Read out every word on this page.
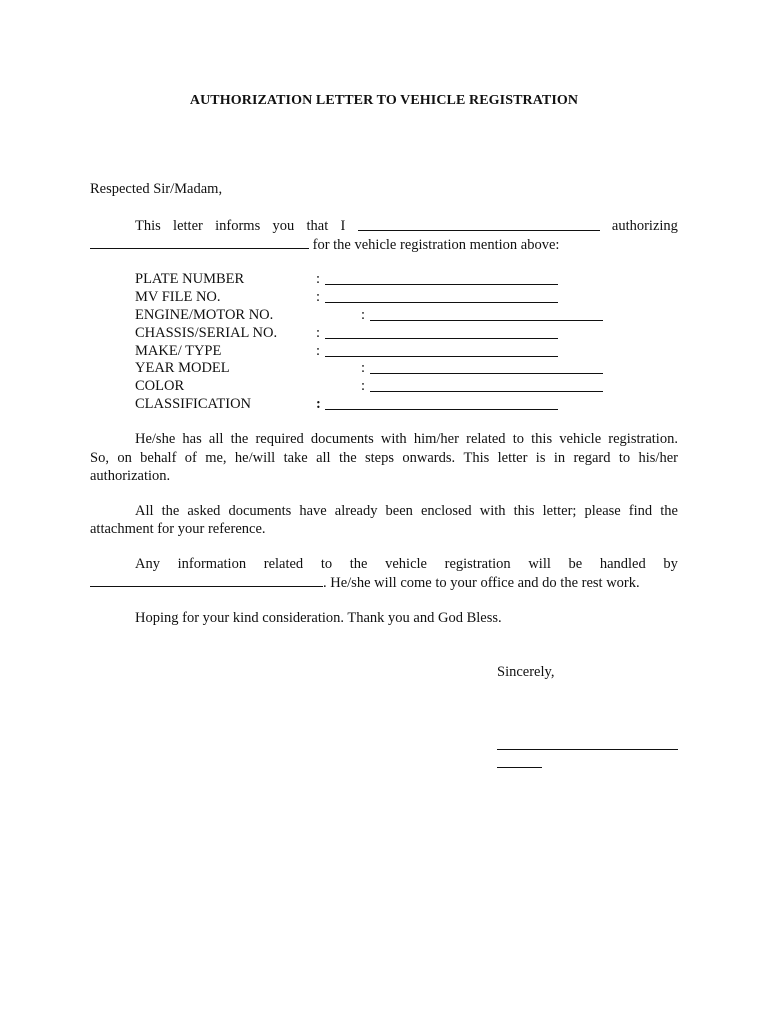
AUTHORIZATION LETTER TO VEHICLE REGISTRATION
Respected Sir/Madam,
This letter informs you that I	authorizing
for the vehicle registration mention above:
PLATE NUMBER	:
MV FILE NO.	:
ENGINE/MOTOR NO.	:
CHASSIS/SERIAL NO.	:
MAKE/ TYPE	:
YEAR MODEL	:
COLOR	:
CLASSIFICATION	:
He/she has all the required documents with him/her related to this vehicle registration.
So, on behalf of me, he/will take all the steps onwards. This letter is in regard to his/her
authorization.
All the asked documents have already been enclosed with this letter; please find the
attachment for your reference.
Any information related to the vehicle registration will be handled by
. He/she will come to your office and do the rest work.
Hoping for your kind consideration. Thank you and God Bless.
Sincerely,
